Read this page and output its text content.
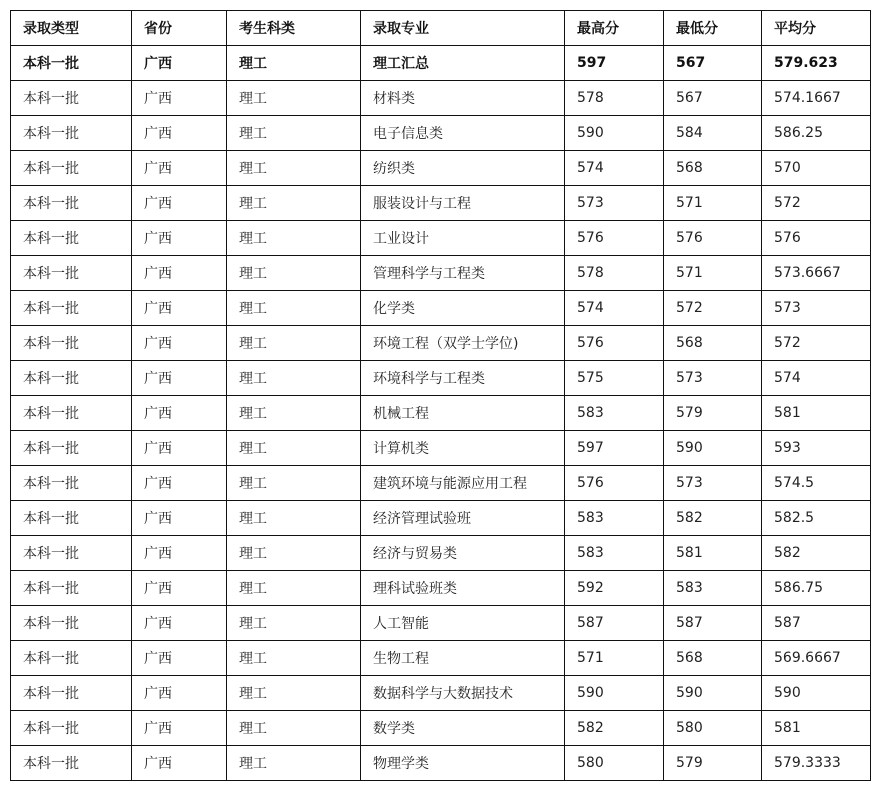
录取类型	省份	考生科类	录取专业	最高分	最低分	平均分
本科一批	广西	理工	理工汇总	597	567	579.623
本科一批	广西	理工	材料类	578	567	574.1667
本科一批	广西	理工	电子信息类	590	584	586.25
本科一批	广西	理工	纺织类	574	568	570
本科一批	广西	理工	服装设计与工程	573	571	572
本科一批	广西	理工	工业设计	576	576	576
本科一批	广西	理工	管理科学与工程类	578	571	573.6667
本科一批	广西	理工	化学类	574	572	573
本科一批	广西	理工	环境工程（双学士学位)	576	568	572
本科一批	广西	理工	环境科学与工程类	575	573	574
本科一批	广西	理工	机械工程	583	579	581
本科一批	广西	理工	计算机类	597	590	593
本科一批	广西	理工	建筑环境与能源应用工程	576	573	574.5
本科一批	广西	理工	经济管理试验班	583	582	582.5
本科一批	广西	理工	经济与贸易类	583	581	582
本科一批	广西	理工	理科试验班类	592	583	586.75
本科一批	广西	理工	人工智能	587	587	587
本科一批	广西	理工	生物工程	571	568	569.6667
本科一批	广西	理工	数据科学与大数据技术	590	590	590
本科一批	广西	理工	数学类	582	580	581
本科一批	广西	理工	物理学类	580	579	579.3333
